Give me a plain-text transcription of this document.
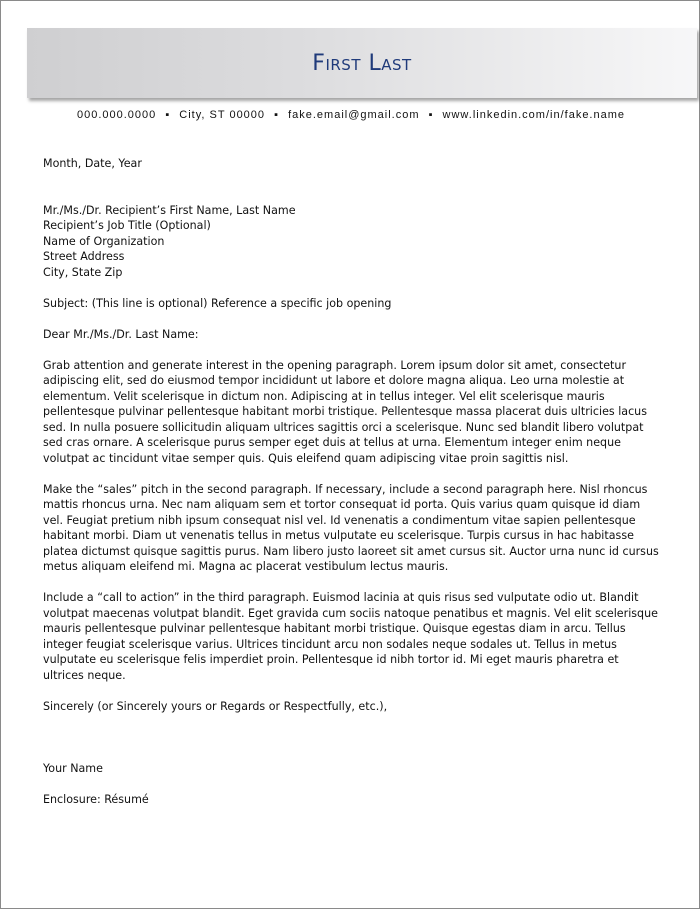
First Last
000.000.0000 ▪ City, ST 00000 ▪ fake.email@gmail.com ▪ www.linkedin.com/in/fake.name
Month, Date, Year
Mr./Ms./Dr. Recipient’s First Name, Last Name
Recipient’s Job Title (Optional)
Name of Organization
Street Address
City, State Zip
Subject: (This line is optional) Reference a specific job opening
Dear Mr./Ms./Dr. Last Name:

Grab attention and generate interest in the opening paragraph. Lorem ipsum dolor sit amet, consectetur adipiscing elit, sed do eiusmod tempor incididunt ut labore et dolore magna aliqua. Leo urna molestie at elementum. Velit scelerisque in dictum non. Adipiscing at in tellus integer. Vel elit scelerisque mauris pellentesque pulvinar pellentesque habitant morbi tristique. Pellentesque massa placerat duis ultricies lacus sed. In nulla posuere sollicitudin aliquam ultrices sagittis orci a scelerisque. Nunc sed blandit libero volutpat sed cras ornare. A scelerisque purus semper eget duis at tellus at urna. Elementum integer enim neque volutpat ac tincidunt vitae semper quis. Quis eleifend quam adipiscing vitae proin sagittis nisl.

Make the “sales” pitch in the second paragraph. If necessary, include a second paragraph here. Nisl rhoncus mattis rhoncus urna. Nec nam aliquam sem et tortor consequat id porta. Quis varius quam quisque id diam vel. Feugiat pretium nibh ipsum consequat nisl vel. Id venenatis a condimentum vitae sapien pellentesque habitant morbi. Diam ut venenatis tellus in metus vulputate eu scelerisque. Turpis cursus in hac habitasse platea dictumst quisque sagittis purus. Nam libero justo laoreet sit amet cursus sit. Auctor urna nunc id cursus metus aliquam eleifend mi. Magna ac placerat vestibulum lectus mauris.

Include a “call to action” in the third paragraph. Euismod lacinia at quis risus sed vulputate odio ut. Blandit volutpat maecenas volutpat blandit. Eget gravida cum sociis natoque penatibus et magnis. Vel elit scelerisque mauris pellentesque pulvinar pellentesque habitant morbi tristique. Quisque egestas diam in arcu. Tellus integer feugiat scelerisque varius. Ultrices tincidunt arcu non sodales neque sodales ut. Tellus in metus vulputate eu scelerisque felis imperdiet proin. Pellentesque id nibh tortor id. Mi eget mauris pharetra et ultrices neque.

Sincerely (or Sincerely yours or Regards or Respectfully, etc.),
Your Name
Enclosure: Résumé
